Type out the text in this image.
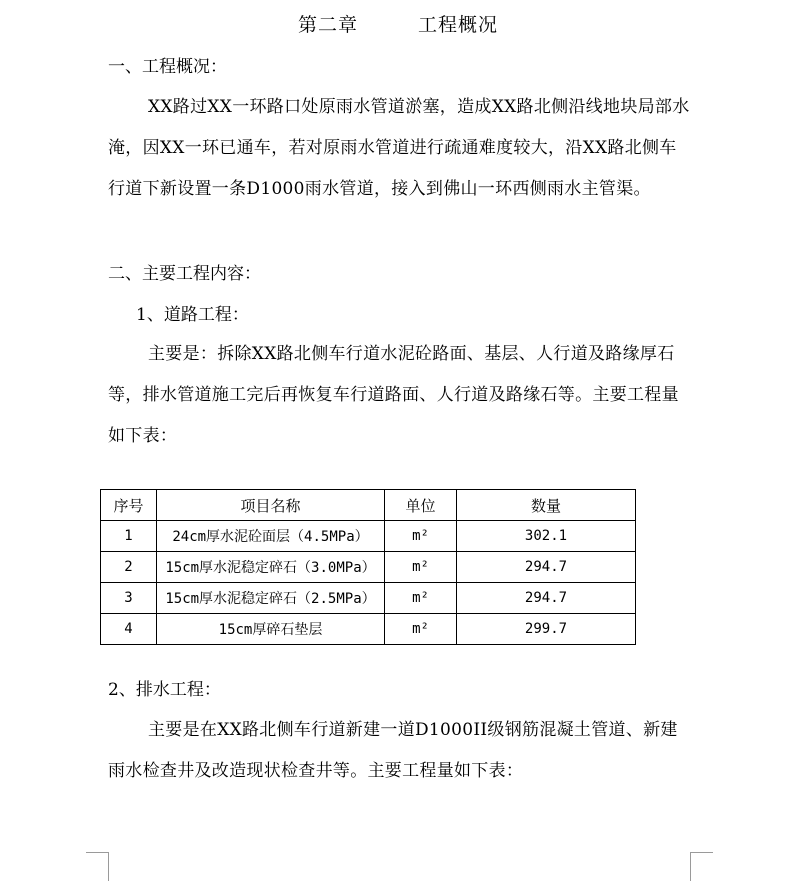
第二章	工程概况
一、工程概况：
XX路过XX一环路口处原雨水管道淤塞，造成XX路北侧沿线地块局部水淹，因XX一环已通车，若对原雨水管道进行疏通难度较大，沿XX路北侧车行道下新设置一条D1000雨水管道，接入到佛山一环西侧雨水主管渠。
二、主要工程内容：
1、道路工程：
主要是：拆除XX路北侧车行道水泥砼路面、基层、人行道及路缘厚石等，排水管道施工完后再恢复车行道路面、人行道及路缘石等。主要工程量如下表：
序号	项目名称	单位	数量
1	24cm厚水泥砼面层（4.5MPa）	m²	302.1
2	15cm厚水泥稳定碎石（3.0MPa）	m²	294.7
3	15cm厚水泥稳定碎石（2.5MPa）	m²	294.7
4	15cm厚碎石垫层	m²	299.7
2、排水工程：
主要是在XX路北侧车行道新建一道D1000II级钢筋混凝土管道、新建雨水检查井及改造现状检查井等。主要工程量如下表：
